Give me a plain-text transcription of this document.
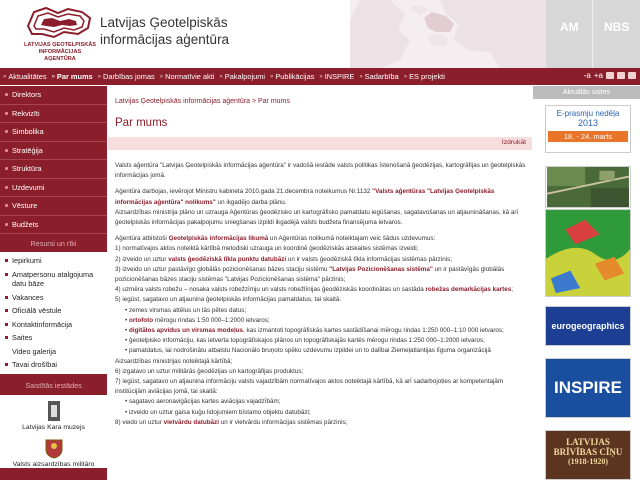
LATVIJAS ĢEOTELPISKĀS INFORMĀCIJAS AĢENTŪRA
Latvijas Ģeotelpiskās
informācijas aģentūra
AM NBS
» Aktualitātes » Par mums » Darbības jomas » Normatīvie akti » Pakalpojumi » Publikācijas » INSPIRE » Sadarbība » ES projekti	-a +a
Direktors
Rekvizīti
Simbolika
Stratēģija
Struktūra
Uzdevumi
Vēsture
Budžets
Resursi un rīki
Iepirkumi
Amatpersonu atalgojuma datu bāze
Vakances
Oficiālā vēstule
Kontaktinformācija
Saites
Video galerija
Tavai drošībai
Saistītās iestādes
Latvijas Kara muzejs
Valsts aizsardzības militāro
Latvijas Ģeotelpiskās informācijas aģentūra > Par mums
Par mums
Izdrukāt

Valsts aģentūra "Latvijas Ģeotelpiskās informācijas aģentūra" ir vadošā iestāde valsts politikas īstenošanā ģeodēzijas, kartogrāfijas un ģeotelpiskās informācijas jomā.

Aģentūra darbojas, ievērojot Ministru kabineta 2010.gada 21.decembra noteikumus Nr.1132 "Valsts aģentūras "Latvijas Ģeotelpiskās informācijas aģentūra" nolikums" un ikgadējo darba plānu.
Aizsardzības ministrija plāno un uzrauga Aģentūras ģeodēzisko un kartogrāfisko pamatdatu iegūšanas, sagatavošanas un atjaunināšanas, kā arī ģeotelpiskās informācijas pakalpojumu sniegšanas izpildi ikgadējā valsts budžeta finansējuma ietvaros.

Aģentūra atbilstoši Ģeotelpiskās informācijas likumā un Aģentūras nolikumā noteiktajam veic šādus uzdevumus:
1) normatīvajos aktos noteiktā kārtībā metodiski uzrauga un koordinē ģeodēziskās atskaites sistēmas izveidi;
2) izveido un uztur valsts ģeodēziskā tīkla punktu datubāzi un ir valsts ģeodēziskā tīkla informācijas sistēmas pārzinis;
3) izveido un uztur pastāvīgo globālās pozicionēšanas bāzes staciju sistēmu "Latvijas Pozicionēšanas sistēma" un ir pastāvīgās globālās pozicionēšanas bāzes staciju sistēmas "Latvijas Pozicionēšanas sistēma" pārzinis;
4) uzmēra valsts robežu – nosaka valsts robežzīmju un valsts robežlīnijas ģeodēziskās koordinātas un sastāda robežas demarkācijas kartes;
5) iegūst, sagatavo un atjaunina ģeotelpiskās informācijas pamatdatus, tai skaitā:
• zemes virsmas attēlus un tās pētes datus;
• ortofoto mērogu rindas 1:50 000–1:2000 ietvaros;
• digitālos apvidus un virsmas modeļus, kas izmantoti topogrāfiskās kartes sastādīšanai mērogu rindas 1:250 000–1:10 000 ietvaros;
• ģeotelpisko informāciju, kas ietverta topogrāfiskajos plānos un topogrāfiskajās kartēs mērogu rindas 1:250 000–1:2000 ietvaros;
• pamatdatus, lai nodrošinātu atbalstu Nacionālo bruņoto spēku uzdevumu izpildei un to dalībai Ziemeļatlantijas līguma organizācijā Aizsardzības ministrijas noteiktajā kārtībā;
6) izgatavo un uztur militārās ģeodēzijas un kartogrāfijas produktus;
7) iegūst, sagatavo un atjaunina informāciju valsts vajadzībām normatīvajos aktos noteiktajā kārtībā, kā arī sadarbojoties ar kompetentajām institūcijām aviācijas jomā, tai skaitā:
• sagatavo aeronavigācijas kartes aviācijas vajadzībām;
• izveido un uztur gaisa kuģu lidojumiem bīstamo objektu datubāzi;
8) veido un uztur vietvārdu datubāzi un ir vietvārdu informācijas sistēmas pārzinis;

Aktuālās saites
E-prasmju nedēļa
2013
18. - 24. marts
eurogeographics
INSPIRE
LATVIJAS
BRĪVĪBAS CĪŅU
(1918-1920)
